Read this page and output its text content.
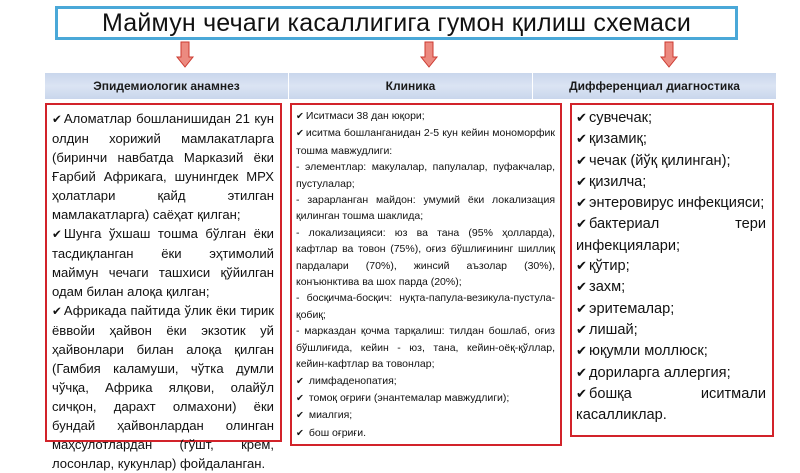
Маймун чечаги касаллигига гумон қилиш схемаси
Эпидемиологик анамнез	Клиника	Дифференциал диагностика

✔ Аломатлар бошланишидан 21 кун олдин хорижий мамлакатларга (биринчи навбатда Марказий ёки Ғарбий Африкага, шунингдек МРХ ҳолатлари қайд этилган мамлакатларга) саёҳат қилган;

✔ Шунга ўхшаш тошма бўлган ёки тасдиқланган ёки эҳтимолий маймун чечаги ташхиси қўйилган одам билан алоқа қилган;

✔ Африкада пайтида ўлик ёки тирик ёввойи ҳайвон ёки экзотик уй ҳайвонлари билан алоқа қилган (Гамбия каламуши, чўтка думли чўчқа, Африка ялқови, олайўл сичқон, дарахт олмахони) ёки бундай ҳайвонлардан олинган маҳсулотлардан (гўшт, крем, лосонлар, кукунлар) фойдаланган.

✔ Иситмаси 38 дан юқори;

✔ иситма бошланганидан 2-5 кун кейин мономорфик тошма мавжудлиги:

- элементлар: макулалар, папулалар, пуфакчалар, пустулалар;

- зарарланган майдон: умумий ёки локализация қилинган тошма шаклида;

- локализацияси: юз ва тана (95% ҳолларда), кафтлар ва товон (75%), оғиз бўшлиғининг шиллиқ пардалари (70%), жинсий аъзолар (30%), конъюнктива ва шох парда (20%);

- босқичма-босқич: нуқта-папула-везикула-пустула-қобиқ;

- марказдан қочма тарқалиш: тилдан бошлаб, оғиз бўшлиғида, кейин - юз, тана, кейин-оёқ-қўллар, кейин-кафтлар ва товонлар;

✔ лимфаденопатия;

✔ томоқ оғриғи (энантемалар мавжудлиги);

✔ миалгия;

✔ бош оғриғи.

✔ сувчечак;

✔ қизамиқ;

✔ чечак (йўқ қилинган);

✔ қизилча;

✔ энтеровирус инфекцияси;

✔ бактериал тери инфекциялари;

✔ қўтир;

✔ захм;

✔ эритемалар;

✔ лишай;

✔ юқумли моллюск;

✔ дориларга аллергия;

✔ бошқа иситмали касалликлар.
